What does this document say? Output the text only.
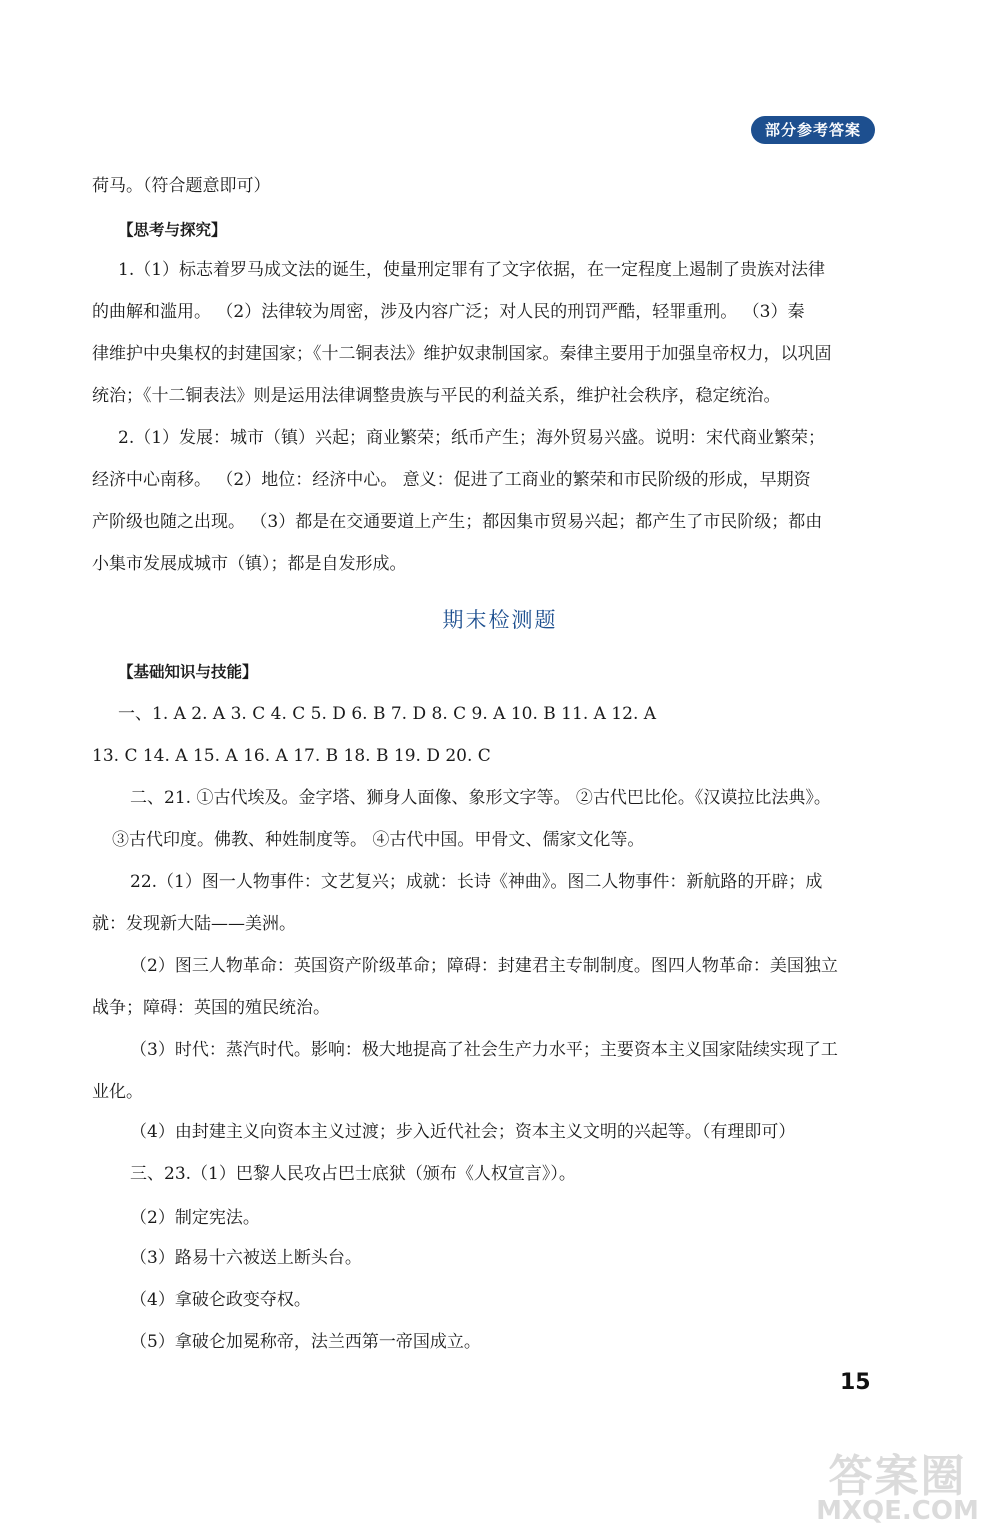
部分参考答案
荷马。（符合题意即可）
【思考与探究】
1.（1）标志着罗马成文法的诞生，使量刑定罪有了文字依据，在一定程度上遏制了贵族对法律
的曲解和滥用。 （2）法律较为周密，涉及内容广泛；对人民的刑罚严酷，轻罪重刑。 （3）秦
律维护中央集权的封建国家；《十二铜表法》维护奴隶制国家。秦律主要用于加强皇帝权力，以巩固
统治；《十二铜表法》则是运用法律调整贵族与平民的利益关系，维护社会秩序，稳定统治。
2.（1）发展：城市（镇）兴起；商业繁荣；纸币产生；海外贸易兴盛。说明：宋代商业繁荣；
经济中心南移。 （2）地位：经济中心。 意义：促进了工商业的繁荣和市民阶级的形成，早期资
产阶级也随之出现。 （3）都是在交通要道上产生；都因集市贸易兴起；都产生了市民阶级；都由
小集市发展成城市（镇）；都是自发形成。
期末检测题
【基础知识与技能】
一、1. A 2. A 3. C 4. C 5. D 6. B 7. D 8. C 9. A 10. B 11. A 12. A
13. C 14. A 15. A 16. A 17. B 18. B 19. D 20. C
二、21. ①古代埃及。金字塔、狮身人面像、象形文字等。 ②古代巴比伦。《汉谟拉比法典》。
③古代印度。佛教、种姓制度等。 ④古代中国。甲骨文、儒家文化等。
22.（1）图一人物事件：文艺复兴；成就：长诗《神曲》。图二人物事件：新航路的开辟；成
就：发现新大陆——美洲。
（2）图三人物革命：英国资产阶级革命；障碍：封建君主专制制度。图四人物革命：美国独立
战争；障碍：英国的殖民统治。
（3）时代：蒸汽时代。影响：极大地提高了社会生产力水平；主要资本主义国家陆续实现了工
业化。
（4）由封建主义向资本主义过渡；步入近代社会；资本主义文明的兴起等。（有理即可）
三、23.（1）巴黎人民攻占巴士底狱（颁布《人权宣言》）。
（2）制定宪法。
（3）路易十六被送上断头台。
（4）拿破仑政变夺权。
（5）拿破仑加冕称帝，法兰西第一帝国成立。
15
答案圈
MXQE.COM
